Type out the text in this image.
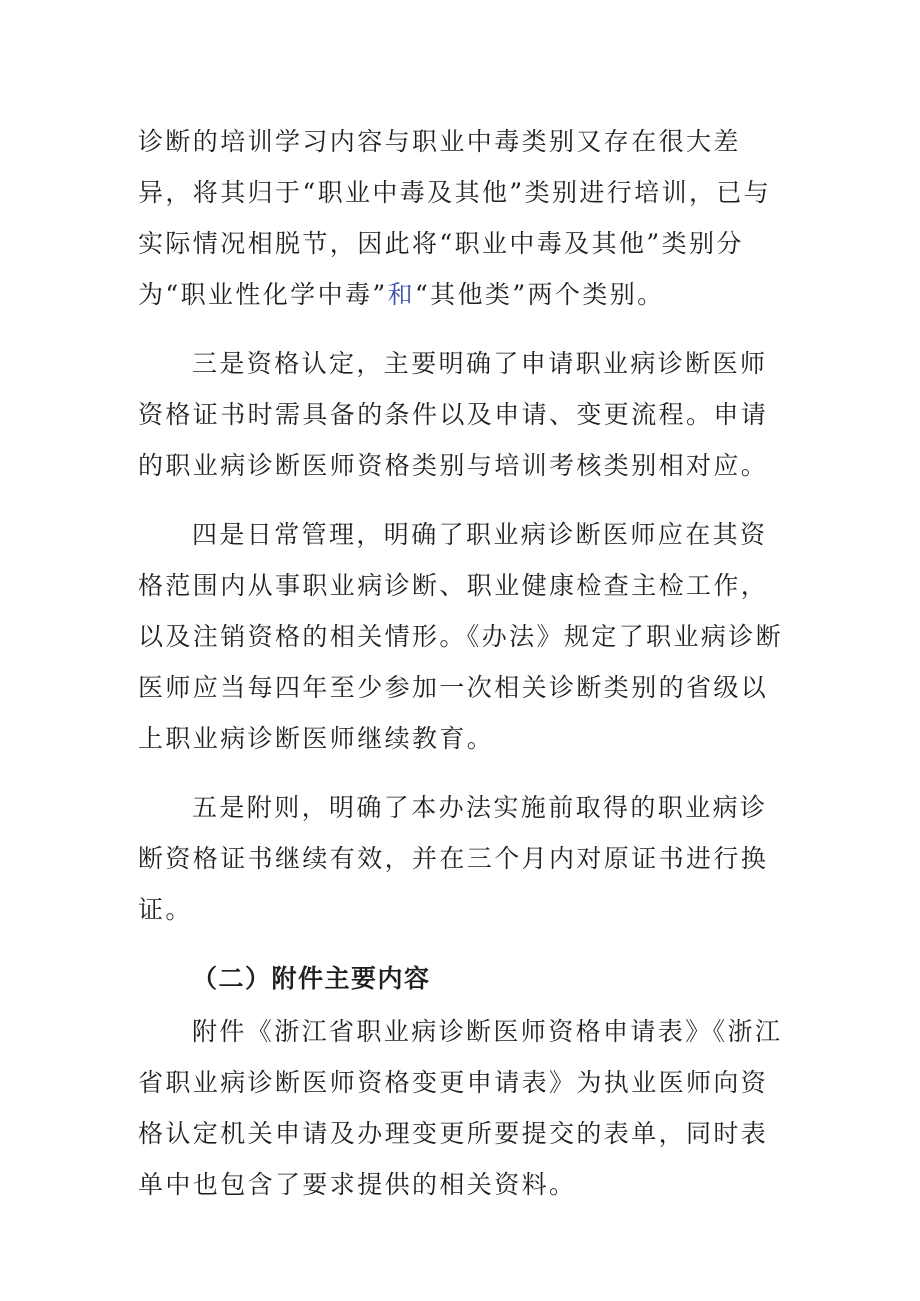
诊断的培训学习内容与职业中毒类别又存在很大差异，将其归于“职业中毒及其他”类别进行培训，已与实际情况相脱节，因此将“职业中毒及其他”类别分为“职业性化学中毒”和“其他类”两个类别。

三是资格认定，主要明确了申请职业病诊断医师资格证书时需具备的条件以及申请、变更流程。申请的职业病诊断医师资格类别与培训考核类别相对应。

四是日常管理，明确了职业病诊断医师应在其资格范围内从事职业病诊断、职业健康检查主检工作，以及注销资格的相关情形。《办法》规定了职业病诊断医师应当每四年至少参加一次相关诊断类别的省级以上职业病诊断医师继续教育。

五是附则，明确了本办法实施前取得的职业病诊断资格证书继续有效，并在三个月内对原证书进行换证。

（二）附件主要内容

附件《浙江省职业病诊断医师资格申请表》《浙江省职业病诊断医师资格变更申请表》为执业医师向资格认定机关申请及办理变更所要提交的表单，同时表单中也包含了要求提供的相关资料。
